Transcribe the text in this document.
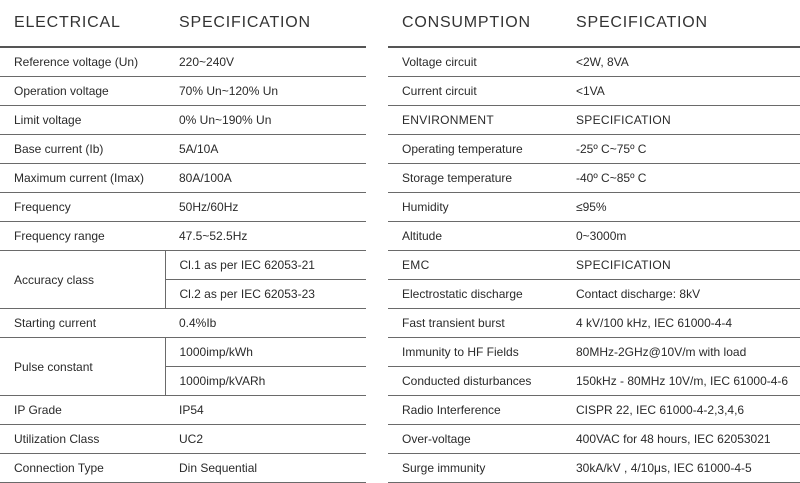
ELECTRICAL	SPECIFICATION
Reference voltage (Un)	220~240V
Operation voltage	70% Un~120% Un
Limit voltage	0% Un~190% Un
Base current (Ib)	5A/10A
Maximum current (Imax)	80A/100A
Frequency	50Hz/60Hz
Frequency range	47.5~52.5Hz
Accuracy class	Cl.1 as per IEC 62053-21
	Cl.2 as per IEC 62053-23
Starting current	0.4%Ib
Pulse constant	1000imp/kWh
	1000imp/kVARh
IP Grade	IP54
Utilization Class	UC2
Connection Type	Din Sequential
CONSUMPTION	SPECIFICATION
Voltage circuit	<2W, 8VA
Current circuit	<1VA
ENVIRONMENT	SPECIFICATION
Operating temperature	-25º C~75º C
Storage temperature	-40º C~85º C
Humidity	≤95%
Altitude	0~3000m
EMC	SPECIFICATION
Electrostatic discharge	Contact discharge: 8kV
Fast transient burst	4 kV/100 kHz, IEC 61000-4-4
Immunity to HF Fields	80MHz-2GHz@10V/m with load
Conducted disturbances	150kHz - 80MHz 10V/m, IEC 61000-4-6
Radio Interference	CISPR 22, IEC 61000-4-2,3,4,6
Over-voltage	400VAC for 48 hours, IEC 62053021
Surge immunity	30kA/kV , 4/10μs, IEC 61000-4-5
